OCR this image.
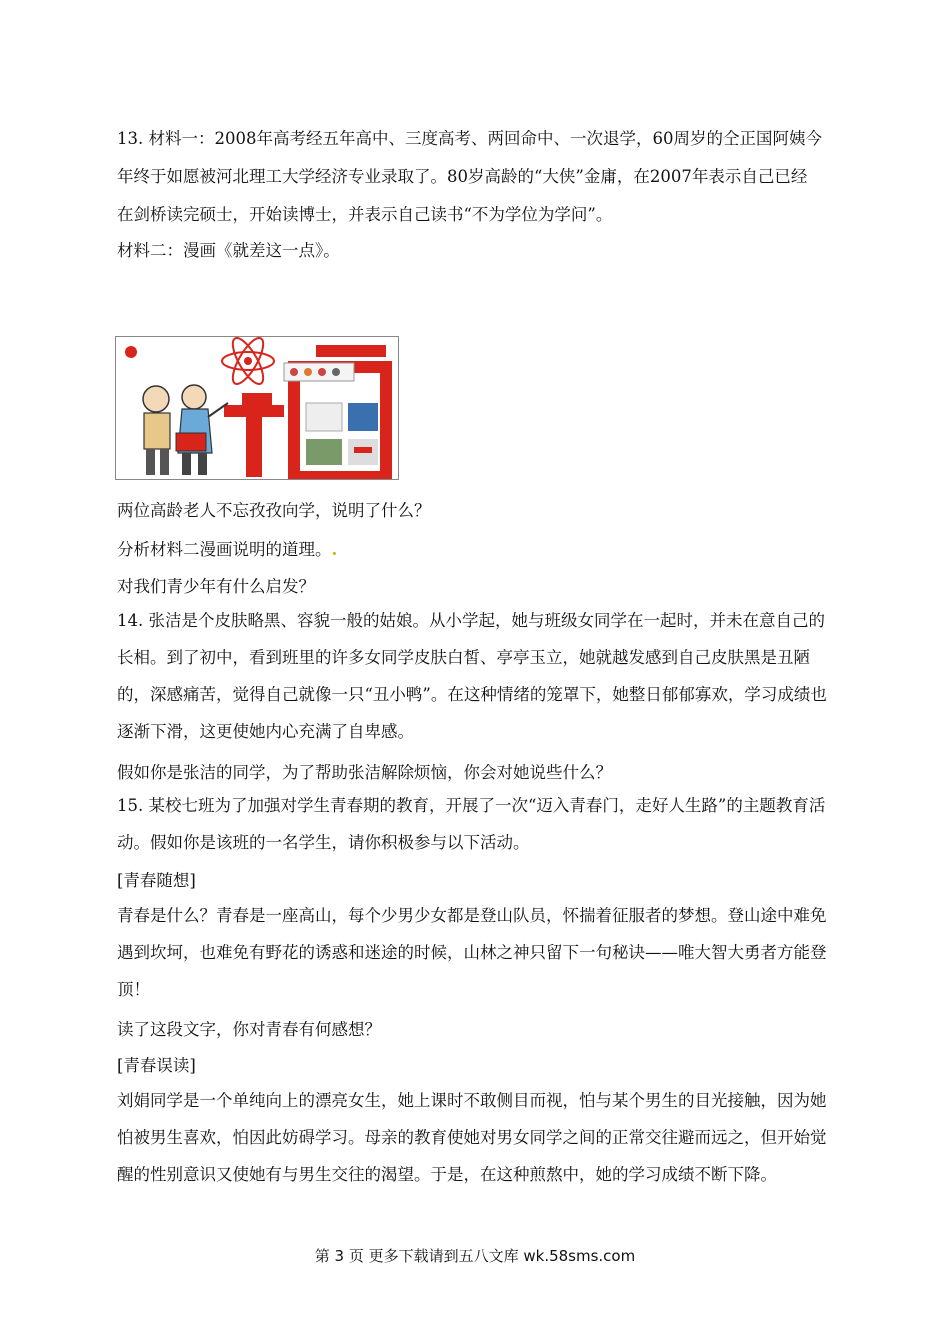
13. 材料一：2008年高考经五年高中、三度高考、两回命中、一次退学，60周岁的仝正国阿姨今
年终于如愿被河北理工大学经济专业录取了。80岁高龄的“大侠”金庸，在2007年表示自己已经
在剑桥读完硕士，开始读博士，并表示自己读书“不为学位为学问”。
材料二：漫画《就差这一点》。
两位高龄老人不忘孜孜向学，说明了什么？
分析材料二漫画说明的道理。.
对我们青少年有什么启发？
14. 张洁是个皮肤略黑、容貌一般的姑娘。从小学起，她与班级女同学在一起时，并未在意自己的长相。到了初中，看到班里的许多女同学皮肤白皙、亭亭玉立，她就越发感到自己皮肤黑是丑陋的，深感痛苦，觉得自己就像一只“丑小鸭”。在这种情绪的笼罩下，她整日郁郁寡欢，学习成绩也逐渐下滑，这更使她内心充满了自卑感。
假如你是张洁的同学，为了帮助张洁解除烦恼，你会对她说些什么？
15. 某校七班为了加强对学生青春期的教育，开展了一次“迈入青春门，走好人生路”的主题教育活动。假如你是该班的一名学生，请你积极参与以下活动。
[青春随想]
青春是什么？青春是一座高山，每个少男少女都是登山队员，怀揣着征服者的梦想。登山途中难免遇到坎坷，也难免有野花的诱惑和迷途的时候，山林之神只留下一句秘诀——唯大智大勇者方能登顶！
读了这段文字，你对青春有何感想？
[青春误读]
刘娟同学是一个单纯向上的漂亮女生，她上课时不敢侧目而视，怕与某个男生的目光接触，因为她怕被男生喜欢，怕因此妨碍学习。母亲的教育使她对男女同学之间的正常交往避而远之，但开始觉醒的性别意识又使她有与男生交往的渴望。于是，在这种煎熬中，她的学习成绩不断下降。
第 3 页 更多下载请到五八文库 wk.58sms.com
